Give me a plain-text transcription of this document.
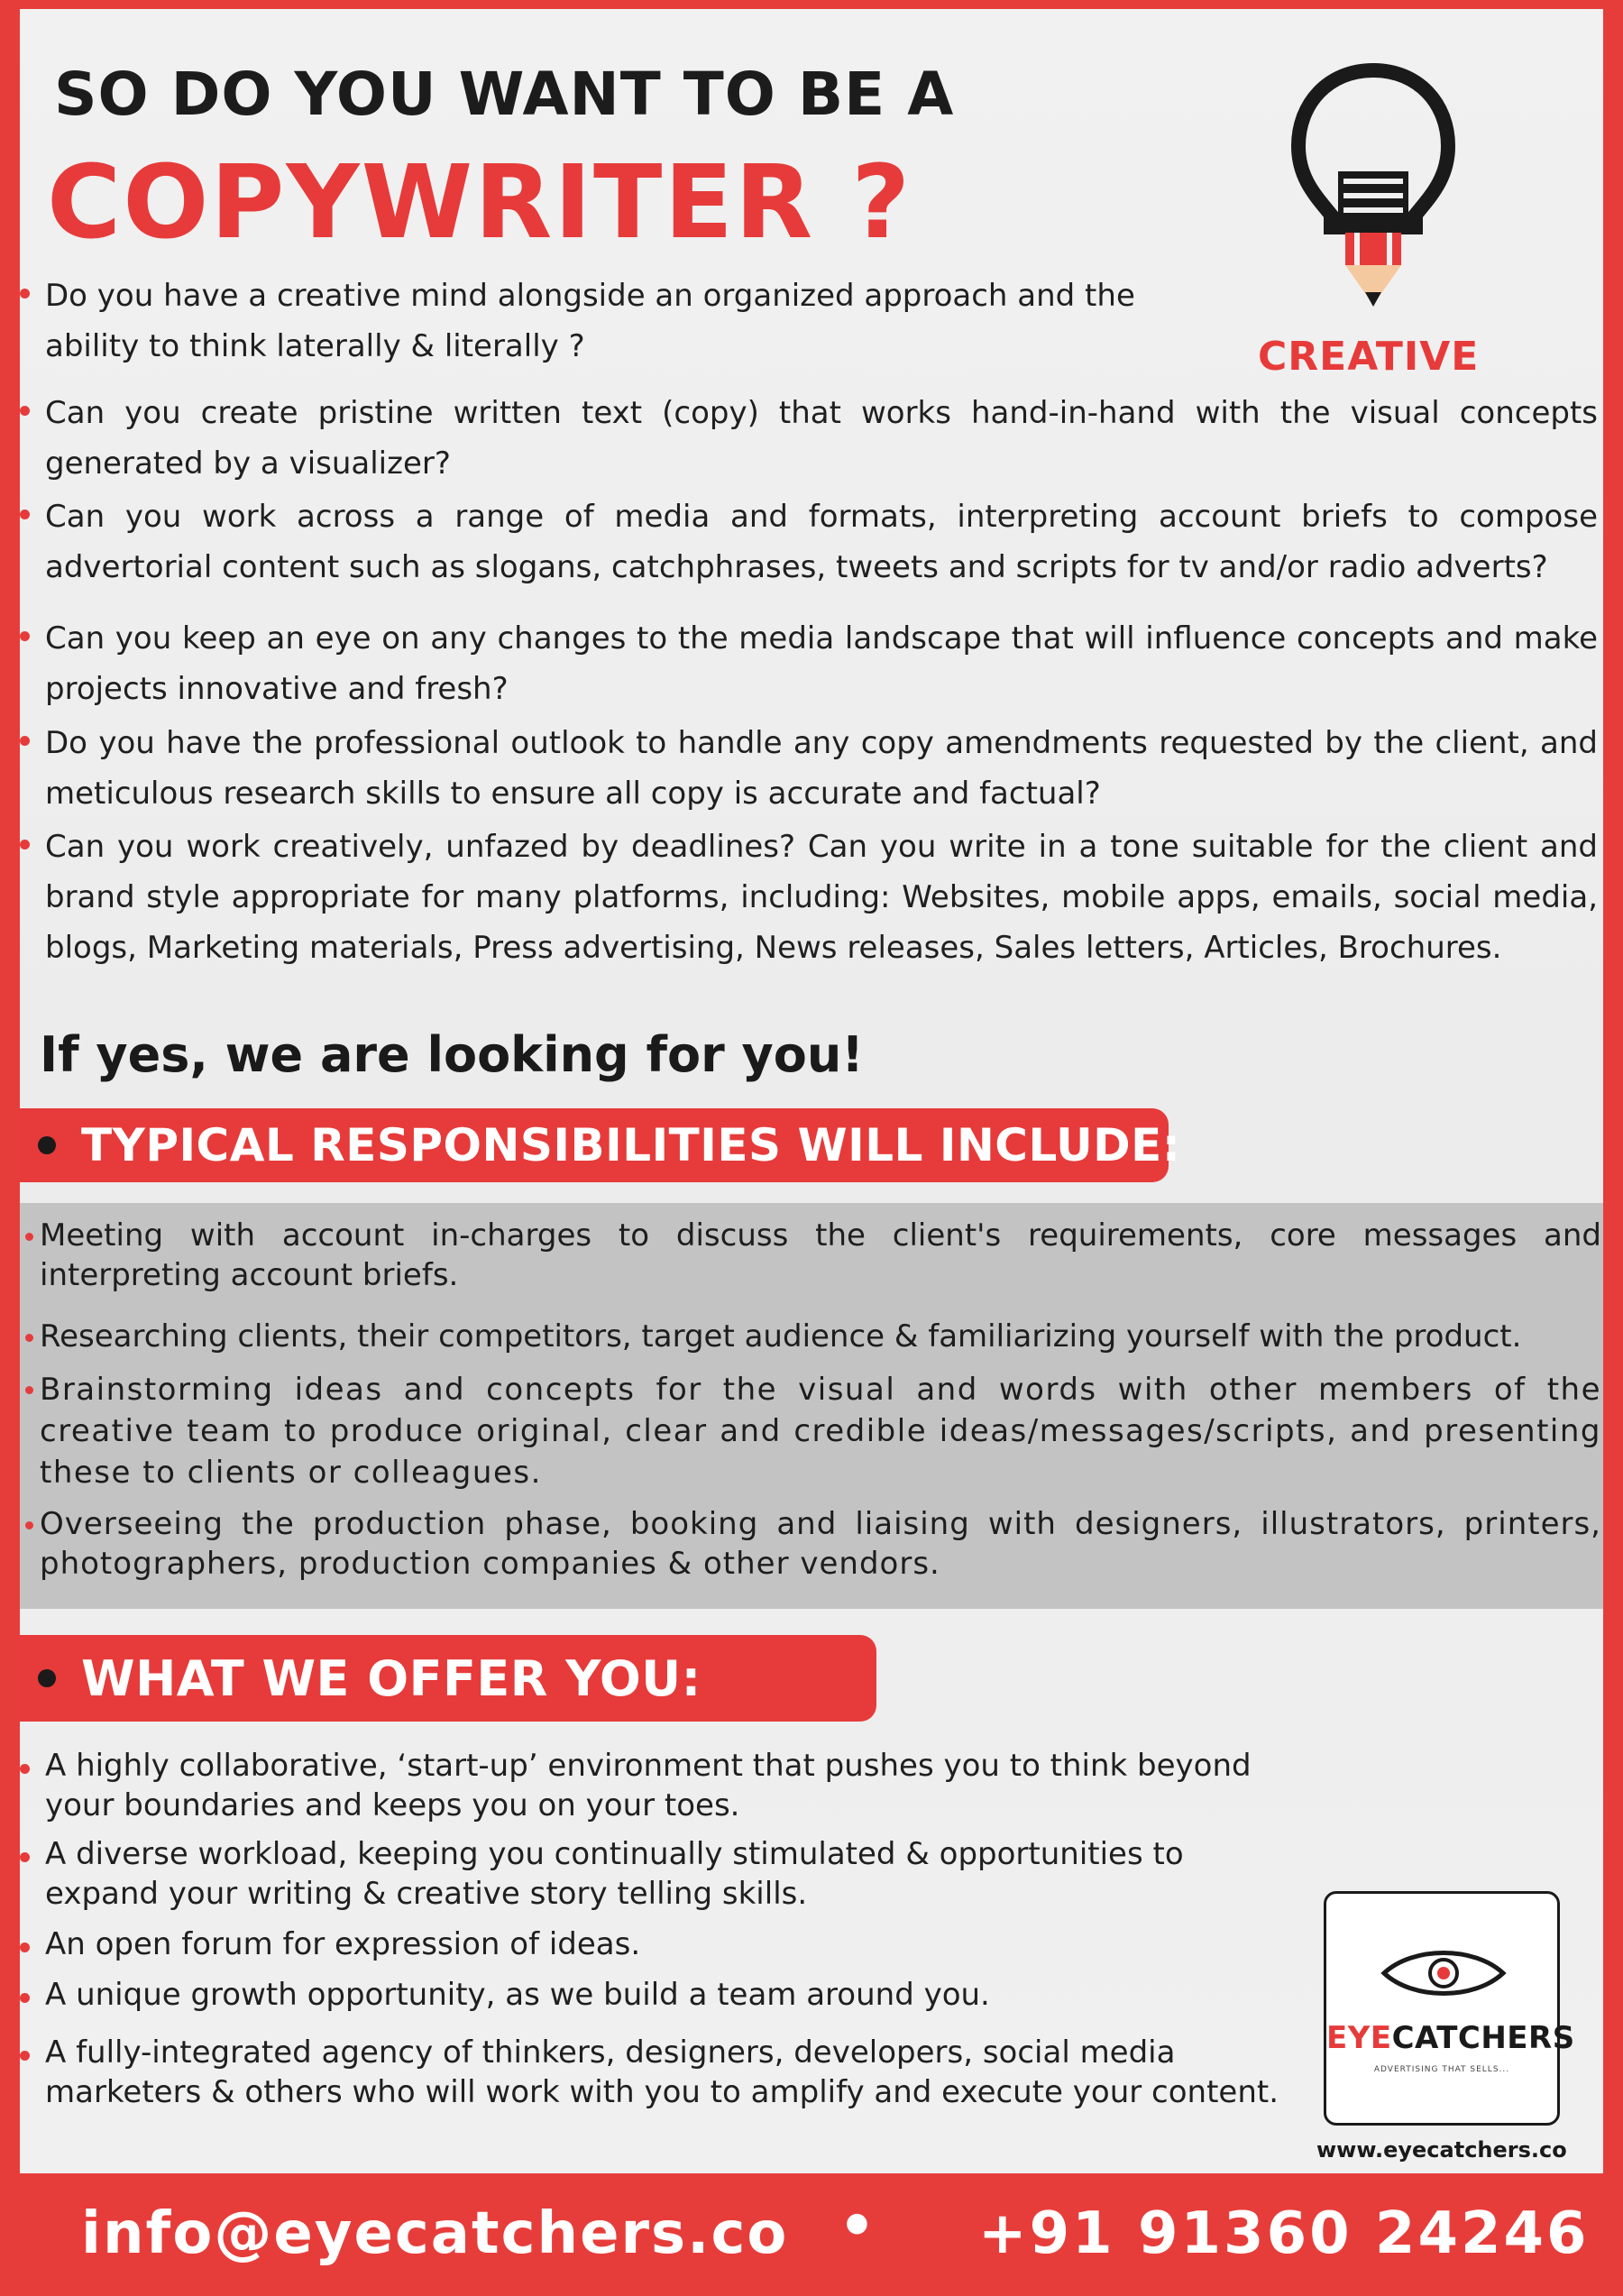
SO DO YOU WANT TO BE A
COPYWRITER ?
CREATIVE
Do you have a creative mind alongside an organized approach and the ability to think laterally & literally ?
Can you create pristine written text (copy) that works hand-in-hand with the visual concepts generated by a visualizer?
Can you work across a range of media and formats, interpreting account briefs to compose advertorial content such as slogans, catchphrases, tweets and scripts for tv and/or radio adverts?
Can you keep an eye on any changes to the media landscape that will influence concepts and make projects innovative and fresh?
Do you have the professional outlook to handle any copy amendments requested by the client, and meticulous research skills to ensure all copy is accurate and factual?
Can you work creatively, unfazed by deadlines? Can you write in a tone suitable for the client and brand style appropriate for many platforms, including: Websites, mobile apps, emails, social media, blogs, Marketing materials, Press advertising, News releases, Sales letters, Articles, Brochures.
If yes, we are looking for you!
TYPICAL RESPONSIBILITIES WILL INCLUDE:
Meeting with account in-charges to discuss the client's requirements, core messages and interpreting account briefs.
Researching clients, their competitors, target audience & familiarizing yourself with the product.
Brainstorming ideas and concepts for the visual and words with other members of the creative team to produce original, clear and credible ideas/messages/scripts, and presenting these to clients or colleagues.
Overseeing the production phase, booking and liaising with designers, illustrators, printers, photographers, production companies & other vendors.
WHAT WE OFFER YOU:
A highly collaborative, ‘start-up’ environment that pushes you to think beyond your boundaries and keeps you on your toes.
A diverse workload, keeping you continually stimulated & opportunities to expand your writing & creative story telling skills.
An open forum for expression of ideas.
A unique growth opportunity, as we build a team around you.
A fully-integrated agency of thinkers, designers, developers, social media marketers & others who will work with you to amplify and execute your content.
EYECATCHERS
ADVERTISING THAT SELLS...
www.eyecatchers.co
info@eyecatchers.co • +91 91360 24246
